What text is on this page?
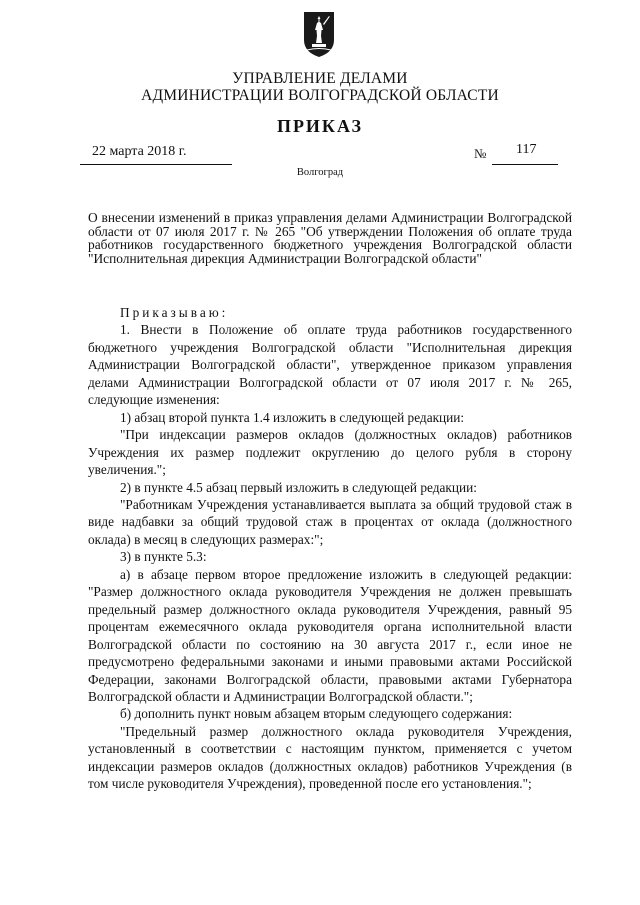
УПРАВЛЕНИЕ ДЕЛАМИ
АДМИНИСТРАЦИИ ВОЛГОГРАДСКОЙ ОБЛАСТИ
ПРИКАЗ
22 марта 2018 г.	№ 117
Волгоград
О внесении изменений в приказ управления делами Администрации Волгоградской области от 07 июля 2017 г. № 265 "Об утверждении Положения об оплате труда работников государственного бюджетного учреждения Волгоградской области "Исполнительная дирекция Администрации Волгоградской области"

Приказываю:

1. Внести в Положение об оплате труда работников государственного бюджетного учреждения Волгоградской области "Исполнительная дирекция Администрации Волгоградской области", утвержденное приказом управления делами Администрации Волгоградской области от 07 июля 2017 г. № 265, следующие изменения:

1) абзац второй пункта 1.4 изложить в следующей редакции:

"При индексации размеров окладов (должностных окладов) работников Учреждения их размер подлежит округлению до целого рубля в сторону увеличения.";

2) в пункте 4.5 абзац первый изложить в следующей редакции:

"Работникам Учреждения устанавливается выплата за общий трудовой стаж в виде надбавки за общий трудовой стаж в процентах от оклада (должностного оклада) в месяц в следующих размерах:";

3) в пункте 5.3:

а) в абзаце первом второе предложение изложить в следующей редакции: "Размер должностного оклада руководителя Учреждения не должен превышать предельный размер должностного оклада руководителя Учреждения, равный 95 процентам ежемесячного оклада руководителя органа исполнительной власти Волгоградской области по состоянию на 30 августа 2017 г., если иное не предусмотрено федеральными законами и иными правовыми актами Российской Федерации, законами Волгоградской области, правовыми актами Губернатора Волгоградской области и Администрации Волгоградской области.";

б) дополнить пункт новым абзацем вторым следующего содержания:

"Предельный размер должностного оклада руководителя Учреждения, установленный в соответствии с настоящим пунктом, применяется с учетом индексации размеров окладов (должностных окладов) работников Учреждения (в том числе руководителя Учреждения), проведенной после его установления.";
